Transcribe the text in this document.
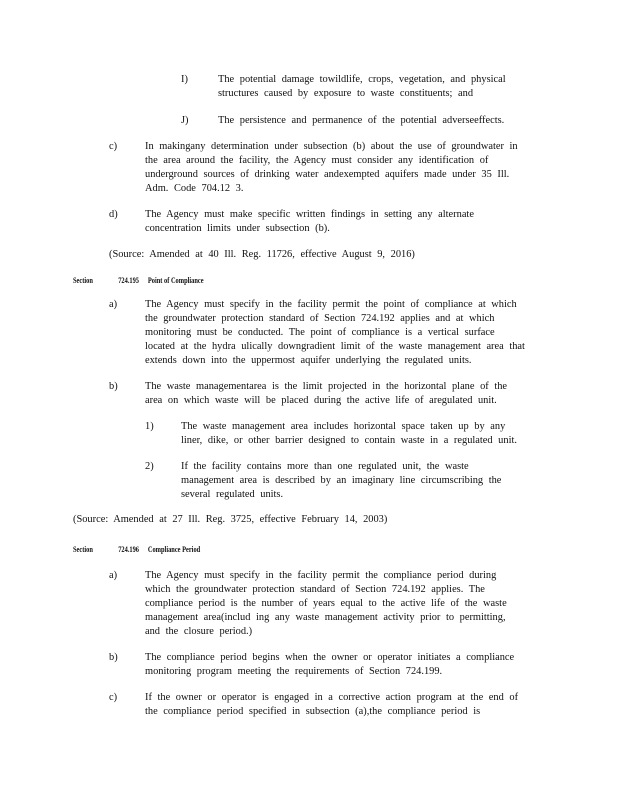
I)	The potential damage towildlife, crops, vegetation, and physical
structures caused by exposure to waste constituents; and
J)	The persistence and permanence of the potential adverseeffects.
c)	In makingany determination under subsection (b) about the use of groundwater in
the area around the facility, the Agency must consider any identification of
underground sources of drinking water andexempted aquifers made under 35 Ill.
Adm. Code 704.12 3.
d)	The Agency must make specific written findings in setting any alternate
concentration limits under subsection (b).
(Source: Amended at 40 Ill. Reg. 11726, effective August 9, 2016)
Section	724.195 Point of Compliance
a)	The Agency must specify in the facility permit the point of compliance at which
the groundwater protection standard of Section 724.192 applies and at which
monitoring must be conducted. The point of compliance is a vertical surface
located at the hydra ulically downgradient limit of the waste management area that
extends down into the uppermost aquifer underlying the regulated units.
b)	The waste managementarea is the limit projected in the horizontal plane of the
area on which waste will be placed during the active life of aregulated unit.
1)	The waste management area includes horizontal space taken up by any
liner, dike, or other barrier designed to contain waste in a regulated unit.
2)	If the facility contains more than one regulated unit, the waste
management area is described by an imaginary line circumscribing the
several regulated units.
(Source: Amended at 27 Ill. Reg. 3725, effective February 14, 2003)
Section	724.196 Compliance Period
a)	The Agency must specify in the facility permit the compliance period during
which the groundwater protection standard of Section 724.192 applies. The
compliance period is the number of years equal to the active life of the waste
management area(includ ing any waste management activity prior to permitting,
and the closure period.)
b)	The compliance period begins when the owner or operator initiates a compliance
monitoring program meeting the requirements of Section 724.199.
c)	If the owner or operator is engaged in a corrective action program at the end of
the compliance period specified in subsection (a),the compliance period is
